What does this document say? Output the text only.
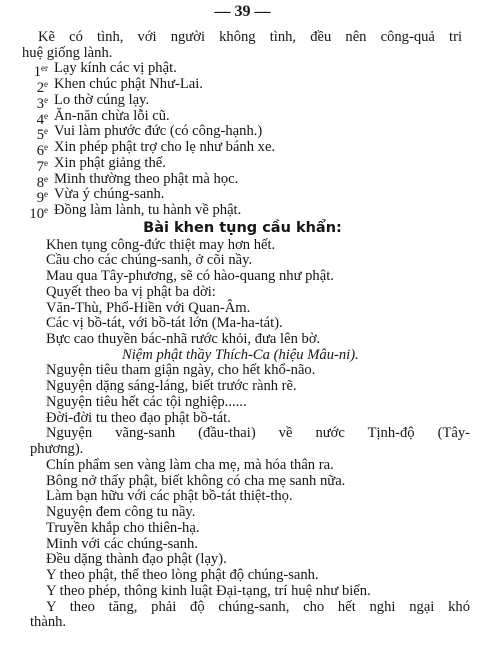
— 39 —
Kẽ có tình, với người không tình, đều nên công-quả tri
huệ giống lành.
1er Lạy kính các vị phật.
2e Khen chúc phật Như-Lai.
3e Lo thờ cúng lạy.
4e Ăn-năn chừa lỗi cũ.
5e Vui làm phước đức (có công-hạnh.)
6e Xin phép phật trợ cho lẹ như bánh xe.
7e Xin phật giảng thế.
8e Minh thường theo phật mà học.
9e Vừa ý chúng-sanh.
Bài khen tụng cầu khẩn:
10e Đồng làm lành, tu hành về phật.
Khen tụng công-đức thiệt may hơn hết.
Cầu cho các chúng-sanh, ở cõi nầy.
Mau qua Tây-phương, sẽ có hào-quang như phật.
Quyết theo ba vị phật ba dời:
Văn-Thù, Phổ-Hiền với Quan-Âm.
Các vị bồ-tát, với bồ-tát lớn (Ma-ha-tát).
Bực cao thuyền bác-nhã rước khỏi, đưa lên bờ.
Niệm phật thầy Thích-Ca (hiệu Mâu-ni).
Nguyện tiêu tham giận ngày, cho hết khổ-não.
Nguyện dặng sáng-láng, biết trước rành rẽ.
Nguyện tiêu hết các tội nghiệp......
Đời-đời tu theo đạo phật bồ-tát.
Nguyện vãng-sanh (đầu-thai) về nước Tịnh-độ (Tây-
phương).
Chín phẩm sen vàng làm cha mẹ, mà hóa thân ra.
Bông nở thấy phật, biết không có cha mẹ sanh nữa.
Làm bạn hữu với các phật bồ-tát thiệt-thọ.
Nguyện đem công tu nầy.
Truyền khắp cho thiên-hạ.
Minh với các chúng-sanh.
Đều dặng thành đạo phật (lạy).
Y theo phật, thể theo lòng phật độ chúng-sanh.
Y theo phép, thông kinh luật Đại-tạng, trí huệ như biển.
Y theo tăng, phải độ chúng-sanh, cho hết nghi ngại khó
thành.
